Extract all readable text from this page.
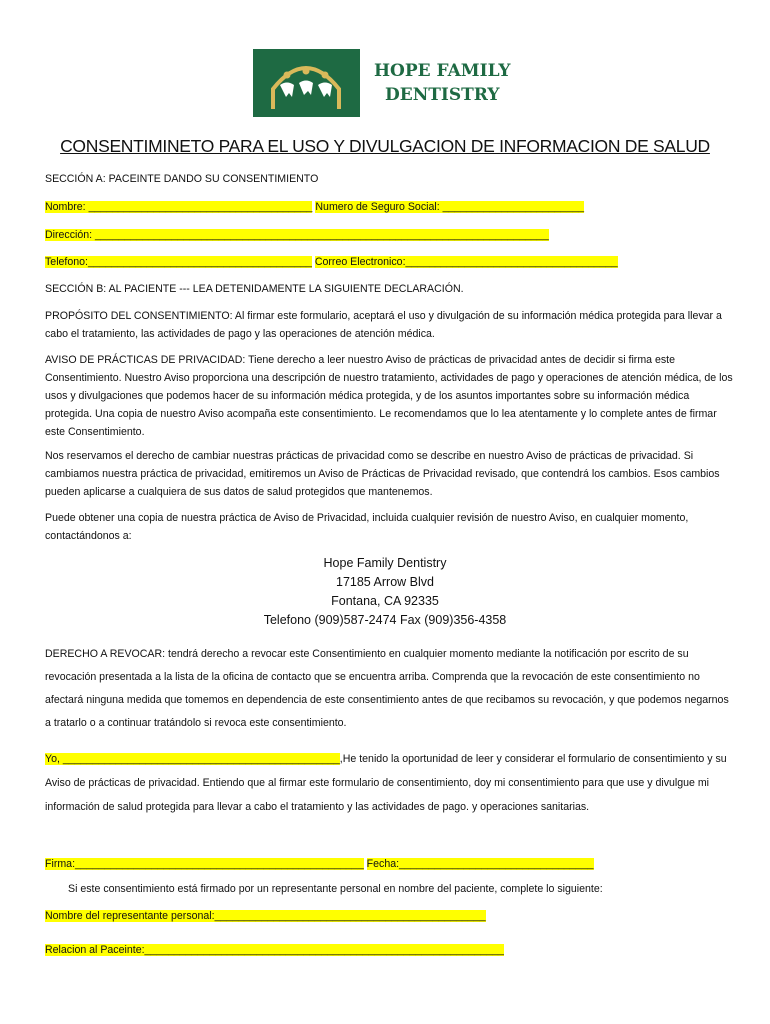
HOPE FAMILY
DENTISTRY
CONSENTIMINETO PARA EL USO Y DIVULGACION DE INFORMACION DE SALUD
SECCIÓN A: PACEINTE DANDO SU CONSENTIMIENTO
Nombre: ______________________________________ Numero de Seguro Social: ________________________
Dirección: _____________________________________________________________________________
Telefono:______________________________________ Correo Electronico:____________________________________
SECCIÓN B: AL PACIENTE --- LEA DETENIDAMENTE LA SIGUIENTE DECLARACIÓN.
PROPÓSITO DEL CONSENTIMIENTO: Al firmar este formulario, aceptará el uso y divulgación de su información médica protegida para llevar a cabo el tratamiento, las actividades de pago y las operaciones de atención médica.
AVISO DE PRÁCTICAS DE PRIVACIDAD: Tiene derecho a leer nuestro Aviso de prácticas de privacidad antes de decidir si firma este Consentimiento. Nuestro Aviso proporciona una descripción de nuestro tratamiento, actividades de pago y operaciones de atención médica, de los usos y divulgaciones que podemos hacer de su información médica protegida, y de los asuntos importantes sobre su información médica protegida. Una copia de nuestro Aviso acompaña este consentimiento. Le recomendamos que lo lea atentamente y lo complete antes de firmar este Consentimiento.
Nos reservamos el derecho de cambiar nuestras prácticas de privacidad como se describe en nuestro Aviso de prácticas de privacidad. Si cambiamos nuestra práctica de privacidad, emitiremos un Aviso de Prácticas de Privacidad revisado, que contendrá los cambios. Esos cambios pueden aplicarse a cualquiera de sus datos de salud protegidos que mantenemos.
Puede obtener una copia de nuestra práctica de Aviso de Privacidad, incluida cualquier revisión de nuestro Aviso, en cualquier momento, contactándonos a:
Hope Family Dentistry
17185 Arrow Blvd
Fontana, CA 92335
Telefono (909)587-2474 Fax (909)356-4358
DERECHO A REVOCAR: tendrá derecho a revocar este Consentimiento en cualquier momento mediante la notificación por escrito de su revocación presentada a la lista de la oficina de contacto que se encuentra arriba. Comprenda que la revocación de este consentimiento no afectará ninguna medida que tomemos en dependencia de este consentimiento antes de que recibamos su revocación, y que podemos negarnos a tratarlo o a continuar tratándolo si revoca este consentimiento.
Yo, _______________________________________________,He tenido la oportunidad de leer y considerar el formulario de consentimiento y su Aviso de prácticas de privacidad. Entiendo que al firmar este formulario de consentimiento, doy mi consentimiento para que use y divulgue mi información de salud protegida para llevar a cabo el tratamiento y las actividades de pago. y operaciones sanitarias.
Firma:_________________________________________________ Fecha:_________________________________
Si este consentimiento está firmado por un representante personal en nombre del paciente, complete lo siguiente:
Nombre del representante personal:______________________________________________
Relacion al Paceinte:_____________________________________________________________
